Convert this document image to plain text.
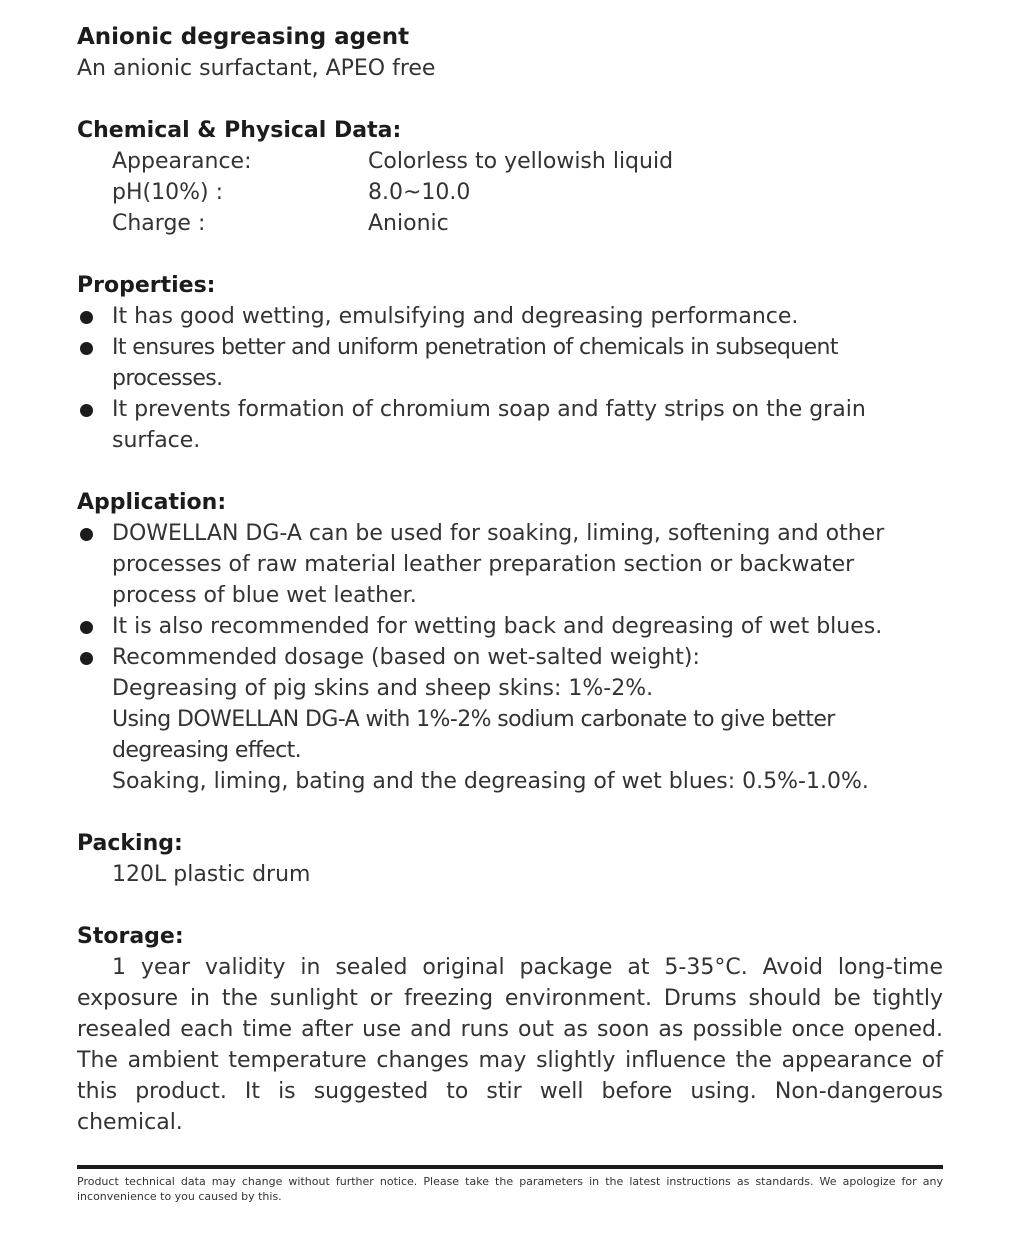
Anionic degreasing agent

An anionic surfactant, APEO free

Chemical & Physical Data:

Appearance:	Colorless to yellowish liquid
pH(10%) :	8.0~10.0
Charge :	Anionic

Properties:

It has good wetting, emulsifying and degreasing performance.
It ensures better and uniform penetration of chemicals in subsequent processes.
It prevents formation of chromium soap and fatty strips on the grain surface.

Application:

DOWELLAN DG-A can be used for soaking, liming, softening and other processes of raw material leather preparation section or backwater process of blue wet leather.
It is also recommended for wetting back and degreasing of wet blues.
Recommended dosage (based on wet-salted weight):
Degreasing of pig skins and sheep skins: 1%-2%.
Using DOWELLAN DG-A with 1%-2% sodium carbonate to give better degreasing effect.
Soaking, liming, bating and the degreasing of wet blues: 0.5%-1.0%.

Packing:

120L plastic drum

Storage:

1 year validity in sealed original package at 5-35°C. Avoid long-time exposure in the sunlight or freezing environment. Drums should be tightly resealed each time after use and runs out as soon as possible once opened. The ambient temperature changes may slightly influence the appearance of this product. It is suggested to stir well before using. Non-dangerous chemical.

Product technical data may change without further notice. Please take the parameters in the latest instructions as standards. We apologize for any inconvenience to you caused by this.
